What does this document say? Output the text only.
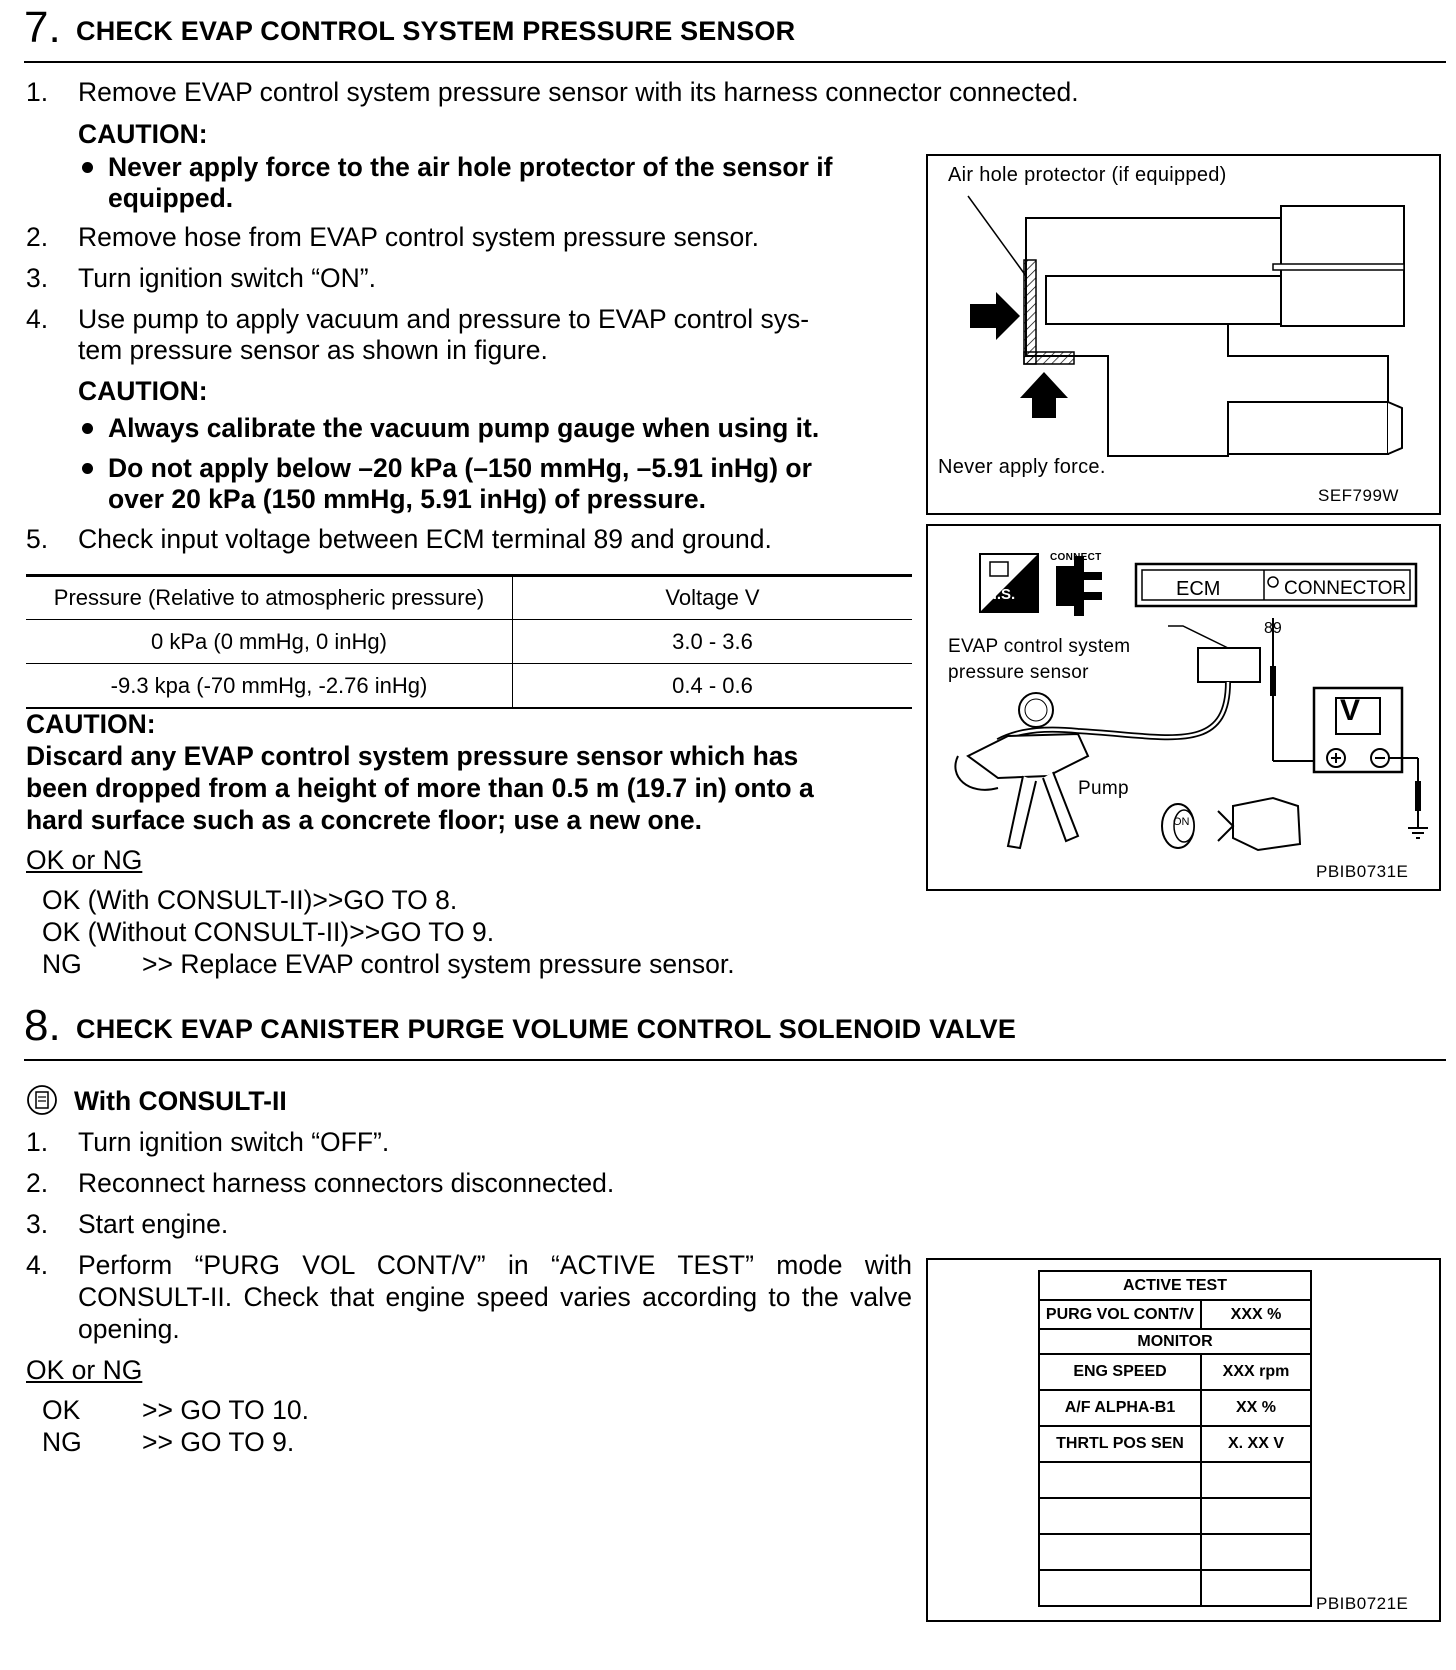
7. CHECK EVAP CONTROL SYSTEM PRESSURE SENSOR
1. Remove EVAP control system pressure sensor with its harness connector connected.
CAUTION:
Never apply force to the air hole protector of the sensor if
equipped.
2. Remove hose from EVAP control system pressure sensor.
3. Turn ignition switch “ON”.
4. Use pump to apply vacuum and pressure to EVAP control sys-
tem pressure sensor as shown in figure.
CAUTION:
Always calibrate the vacuum pump gauge when using it.
Do not apply below –20 kPa (–150 mmHg, –5.91 inHg) or
over 20 kPa (150 mmHg, 5.91 inHg) of pressure.
5. Check input voltage between ECM terminal 89 and ground.
Pressure (Relative to atmospheric pressure)	Voltage V
0 kPa (0 mmHg, 0 inHg)	3.0 - 3.6
-9.3 kpa (-70 mmHg, -2.76 inHg)	0.4 - 0.6
CAUTION:
Discard any EVAP control system pressure sensor which has
been dropped from a height of more than 0.5 m (19.7 in) onto a
hard surface such as a concrete floor; use a new one.
OK or NG
OK (With CONSULT-II)>>GO TO 8.
OK (Without CONSULT-II)>>GO TO 9.
NG >> Replace EVAP control system pressure sensor.
Air hole protector (if equipped)
Never apply force.
SEF799W
H.S.
CONNECT
ECM	CONNECTOR
89
EVAP control system
pressure sensor
V
Pump
ON
PBIB0731E
8. CHECK EVAP CANISTER PURGE VOLUME CONTROL SOLENOID VALVE
With CONSULT-II
1. Turn ignition switch “OFF”.
2. Reconnect harness connectors disconnected.
3. Start engine.
4. Perform “PURG VOL CONT/V” in “ACTIVE TEST” mode with CONSULT-II. Check that engine speed varies according to the valve opening.
OK or NG
OK >> GO TO 10.
NG >> GO TO 9.
ACTIVE TEST	
PURG VOL CONT/V	XXX %
MONITOR	
ENG SPEED	XXX rpm
A/F ALPHA-B1	XX %
THRTL POS SEN	X. XX V

PBIB0721E
